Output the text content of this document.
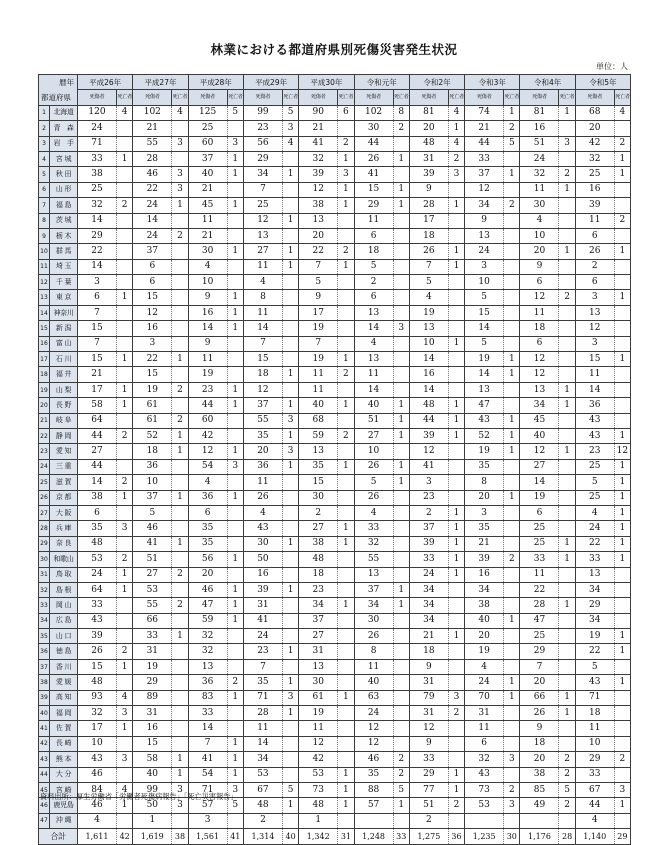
林業における都道府県別死傷災害発生状況
単位：人
暦年
都道府県		平成26年		平成27年		平成28年		平成29年		平成30年		令和元年		令和2年		令和3年		令和4年		令和5年	
		死傷者	死亡者	死傷者	死亡者	死傷者	死亡者	死傷者	死亡者	死傷者	死亡者	死傷者	死亡者	死傷者	死亡者	死傷者	死亡者	死傷者	死亡者	死傷者	死亡者
1	北海道	120	4	102	4	125	5	99	5	90	6	102	8	81	4	74	1	81	1	68	4
2	青　森	24		21		25		23	3	21		30	2	20	1	21	2	16		20	
3	岩　手	71		55	3	60	3	56	4	41	2	44		48	4	44	5	51	3	42	2
4	宮 城	33	1	28		37	1	29		32	1	26	1	31	2	33		24		32	1
5	秋 田	38		46	3	40	1	34	1	39	3	41		39	3	37	1	32	2	25	1
6	山 形	25		22	3	21		7		12	1	15	1	9		12		11	1	16	
7	福 島	32	2	24	1	45	1	25		38	1	29	1	28	1	34	2	30		39	
8	茨 城	14		14		11		12	1	13		11		17		9		4		11	2
9	栃 木	29		24	2	21		13		20		6		18		13		10		6	
10	群 馬	22		37		30	1	27	1	22	2	18		26	1	24		20	1	26	1
11	埼 玉	14		6		4		11	1	7	1	5		7	1	3		9		2	
12	千 葉	3		6		10		4		5		2		5		10		6		6	
13	東 京	6	1	15		9	1	8		9		6		4		5		12	2	3	1
14	神奈川	7		12		16	1	11		17		13		19		15		11		13	
15	新 潟	15		16		14	1	14		19		14	3	13		14		18		12	
16	富 山	7		3		9		7		7		4		10	1	5		6		3	
17	石 川	15	1	22	1	11		15		19	1	13		14		19	1	12		15	1
18	福 井	21		15		19		18	1	11	2	11		16		14	1	12		11	
19	山 梨	17	1	19	2	23	1	12		11		14		14		13		13	1	14	
20	長 野	58	1	61		44	1	37	1	40	1	40	1	48	1	47		34	1	36	
21	岐 阜	64		61	2	60		55	3	68		51	1	44	1	43	1	45		43	
22	静 岡	44	2	52	1	42		35	1	59	2	27	1	39	1	52	1	40		43	1
23	愛 知	27		18	1	12	1	20	3	13		10		12		19	1	12	1	23	12
24	三 重	44		36		54	3	36	1	35	1	26	1	41		35		27		25	1
25	滋 賀	14	2	10		4		11		15		5	1	3		8		14		5	1
26	京 都	38	1	37	1	36	1	26		30		26		23		20	1	19		25	1
27	大 阪	6		5		6		4		2		4		2	1	3		6		4	1
28	兵 庫	35	3	46		35		43		27	1	33		37	1	35		25		24	1
29	奈 良	48		41	1	35		30	1	38	1	32		39	1	21		25	1	22	1
30	和歌山	53	2	51		56	1	50		48		55		33	1	39	2	33	1	33	1
31	鳥 取	24	1	27	2	20		16		18		13		24	1	16		11		13	
32	島 根	64	1	53		46	1	39	1	23		37	1	34		34		22		34	
33	岡 山	33		55	2	47	1	31		34	1	34	1	34		38		28	1	29	
34	広 島	43		66		59	1	41		37		30		34		40	1	47		34	
35	山 口	39		33	1	32		24		27		26		21	1	20		25		19	1
36	徳 島	26	2	31		32		23	1	31		8		18		19		29		22	1
37	香 川	15	1	19		13		7		13		11		9		4		7		5	
38	愛 媛	48		29		36	2	35	1	30		40		31		24	1	20		43	1
39	高 知	93	4	89		83	1	71	3	61	1	63		79	3	70	1	66	1	71	
40	福 岡	32	3	31		33		28	1	19		24		31	2	31		26	1	18	
41	佐 賀	17	1	16		14		11		11		12		12		11		9		11	
42	長 崎	10		15		7	1	14		12		12		9		6		18		10	
43	熊 本	43	3	58	1	41	1	34		42		46	2	33		32	3	20	2	29	2
44	大 分	46		40	1	54	1	53		53	1	35	2	29	1	43		38	2	33	
45	宮 崎	84	4	99	3	71	3	67	5	73	1	88	5	77	1	73	2	85	5	67	3
46	鹿児島	46	1	50	3	57	5	48	1	48	1	57	1	51	2	53	3	49	2	44	1
47	沖 縄	4		1		3		2		1				2						4	
合計		1,611	42	1,619	38	1,561	41	1,314	40	1,342	31	1,248	33	1,275	36	1,235	30	1,176	28	1,140	29
資料出所：厚生労働省「労働者死傷病報告」「死亡災害報告」
